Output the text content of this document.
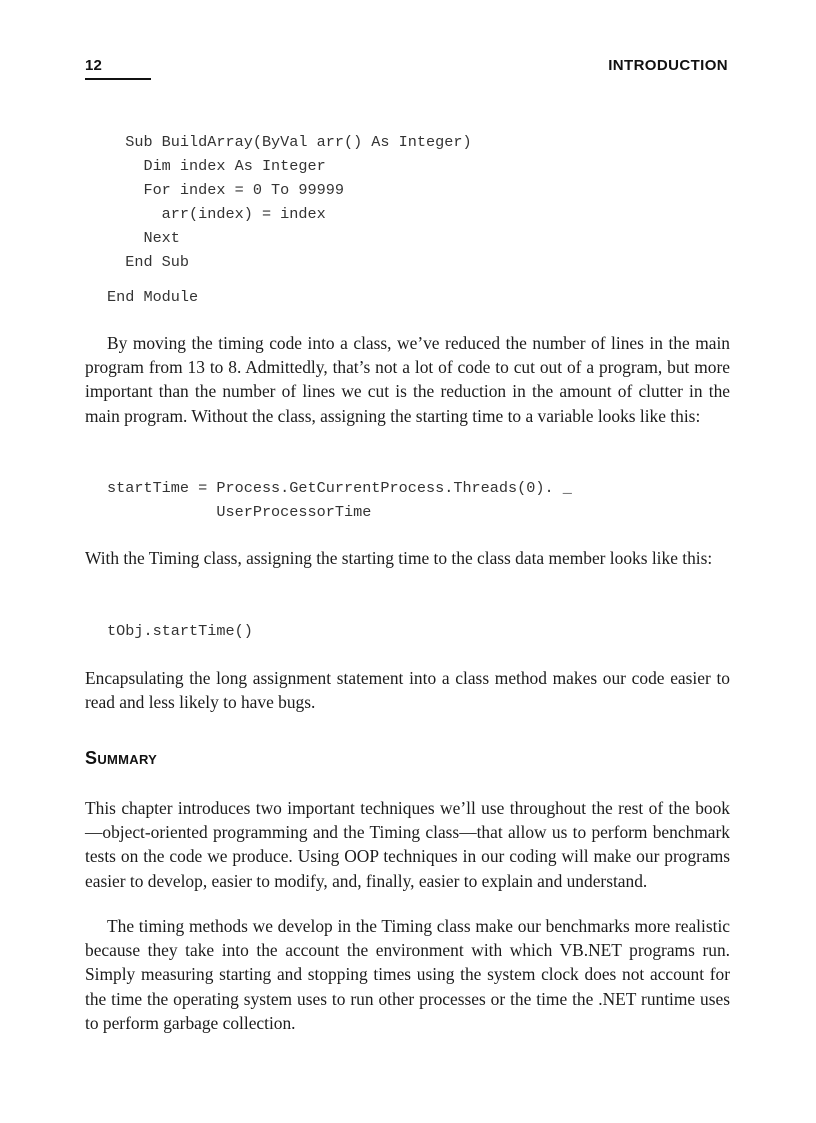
12	INTRODUCTION
Sub BuildArray(ByVal arr() As Integer)
Dim index As Integer
For index = 0 To 99999
arr(index) = index
Next
End Sub
End Module

By moving the timing code into a class, we’ve reduced the number of lines in the main program from 13 to 8. Admittedly, that’s not a lot of code to cut out of a program, but more important than the number of lines we cut is the reduction in the amount of clutter in the main program. Without the class, assigning the starting time to a variable looks like this:

startTime = Process.GetCurrentProcess.Threads(0). _
UserProcessorTime

With the Timing class, assigning the starting time to the class data member looks like this:

tObj.startTime()

Encapsulating the long assignment statement into a class method makes our code easier to read and less likely to have bugs.

Summary

This chapter introduces two important techniques we’ll use throughout the rest of the book—object-oriented programming and the Timing class—that allow us to perform benchmark tests on the code we produce. Using OOP techniques in our coding will make our programs easier to develop, easier to modify, and, finally, easier to explain and understand.

The timing methods we develop in the Timing class make our benchmarks more realistic because they take into the account the environment with which VB.NET programs run. Simply measuring starting and stopping times using the system clock does not account for the time the operating system uses to run other processes or the time the .NET runtime uses to perform garbage collection.
